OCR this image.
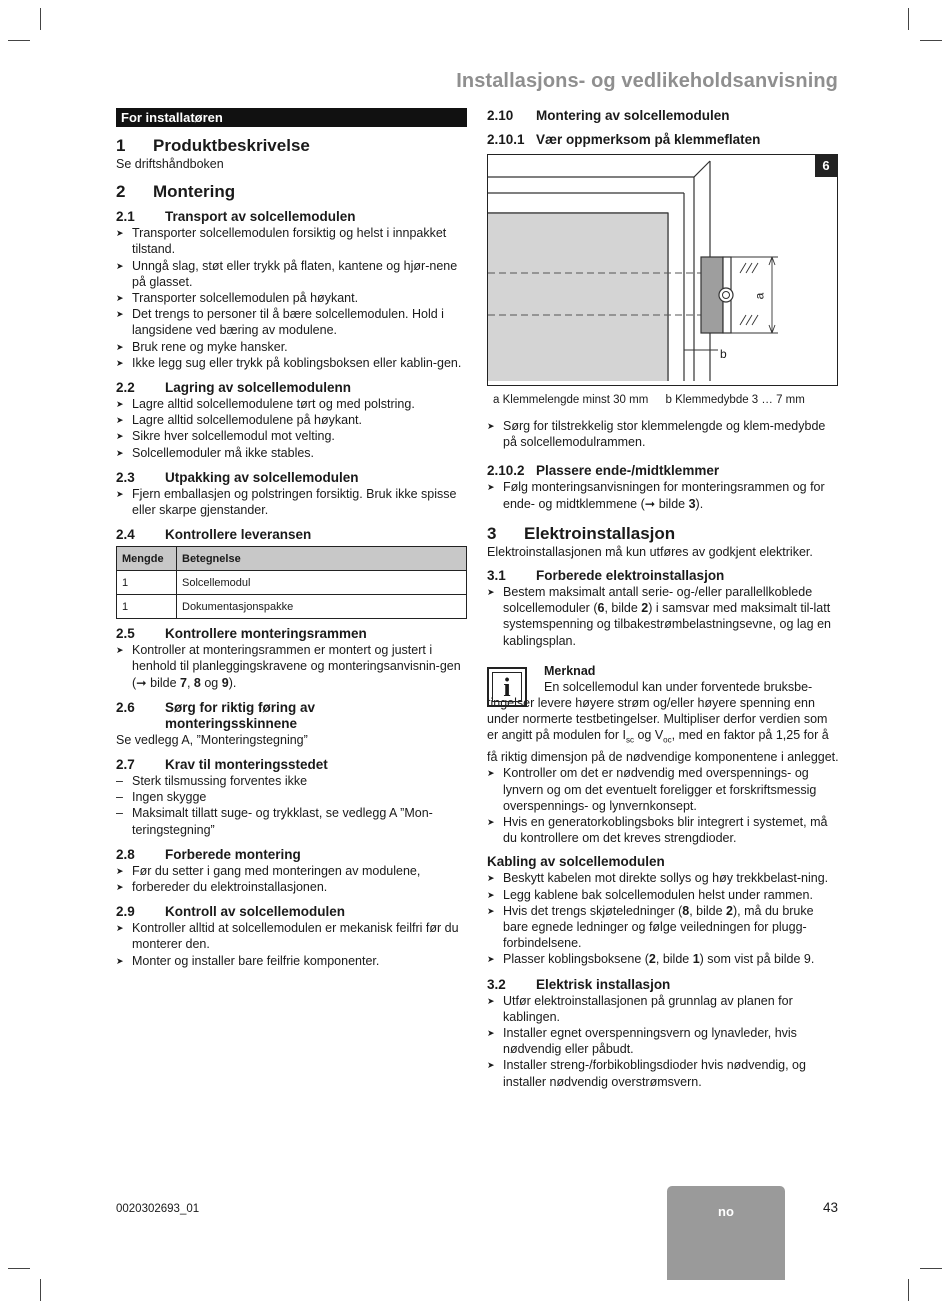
Installasjons- og vedlikeholdsanvisning
For installatøren
1 Produktbeskrivelse

Se driftshåndboken

2 Montering
2.1 Transport av solcellemodulen
➤ Transporter solcellemodulen forsiktig og helst i innpakket tilstand.
➤ Unngå slag, støt eller trykk på flaten, kantene og hjør-nene på glasset.
➤ Transporter solcellemodulen på høykant.
➤ Det trengs to personer til å bære solcellemodulen. Hold i langsidene ved bæring av modulene.
➤ Bruk rene og myke hansker.
➤ Ikke legg sug eller trykk på koblingsboksen eller kablin-gen.
2.2 Lagring av solcellemodulenn
➤ Lagre alltid solcellemodulene tørt og med polstring.
➤ Lagre alltid solcellemodulene på høykant.
➤ Sikre hver solcellemodul mot velting.
➤ Solcellemoduler må ikke stables.
2.3 Utpakking av solcellemodulen
➤ Fjern emballasjen og polstringen forsiktig. Bruk ikke spisse eller skarpe gjenstander.
2.4 Kontrollere leveransen
Mengde	Betegnelse
1	Solcellemodul
1	Dokumentasjonspakke
2.5 Kontrollere monteringsrammen
➤ Kontroller at monteringsrammen er montert og justert i henhold til planleggingskravene og monteringsanvisnin-gen (➞ bilde 7, 8 og 9).
2.6 Sørg for riktig føring av
monteringsskinnene

Se vedlegg A, ”Monteringstegning”

2.7 Krav til monteringsstedet
– Sterk tilsmussing forventes ikke
– Ingen skygge
– Maksimalt tillatt suge- og trykklast, se vedlegg A ”Mon-teringstegning”
2.8 Forberede montering
➤ Før du setter i gang med monteringen av modulene,
➤ forbereder du elektroinstallasjonen.
2.9 Kontroll av solcellemodulen
➤ Kontroller alltid at solcellemodulen er mekanisk feilfri før du monterer den.
➤ Monter og installer bare feilfrie komponenter.
2.10 Montering av solcellemodulen
2.10.1 Vær oppmerksom på klemmeflaten
6
a
b
a Klemmelengde minst 30 mm b Klemmedybde 3 … 7 mm
➤ Sørg for tilstrekkelig stor klemmelengde og klem-medybde på solcellemodulrammen.
2.10.2 Plassere ende-/midtklemmer
➤ Følg monteringsanvisningen for monteringsrammen og for ende- og midtklemmene (➞ bilde 3).
3 Elektroinstallasjon

Elektroinstallasjonen må kun utføres av godkjent elektriker.

3.1 Forberede elektroinstallasjon
➤ Bestem maksimalt antall serie- og-/eller parallellkoblede solcellemoduler (6, bilde 2) i samsvar med maksimalt til-latt systemspenning og tilbakestrømbelastningsevne, og lag en kablingsplan.
i
Merknad

En solcellemodul kan under forventede bruksbe-tingelser levere høyere strøm og/eller høyere spenning enn under normerte testbetingelser. Multipliser derfor verdien som er angitt på modulen for $I_{sc}$ og $V_{oc}$, med en faktor på 1,25 for å få riktig dimensjon på de nødvendige komponentene i anlegget.

➤ Kontroller om det er nødvendig med overspennings- og lynvern og om det eventuelt foreligger et forskriftsmessig overspennings- og lynvernkonsept.
➤ Hvis en generatorkoblingsboks blir integrert i systemet, må du kontrollere om det kreves strengdioder.
Kabling av solcellemodulen
➤ Beskytt kabelen mot direkte sollys og høy trekkbelast-ning.
➤ Legg kablene bak solcellemodulen helst under rammen.
➤ Hvis det trengs skjøteledninger (8, bilde 2), må du bruke bare egnede ledninger og følge veiledningen for plugg-forbindelsene.
➤ Plasser koblingsboksene (2, bilde 1) som vist på bilde 9.
3.2 Elektrisk installasjon
➤ Utfør elektroinstallasjonen på grunnlag av planen for kablingen.
➤ Installer egnet overspenningsvern og lynavleder, hvis nødvendig eller påbudt.
➤ Installer streng-/forbikoblingsdioder hvis nødvendig, og installer nødvendig overstrømsvern.
0020302693_01	no	43
